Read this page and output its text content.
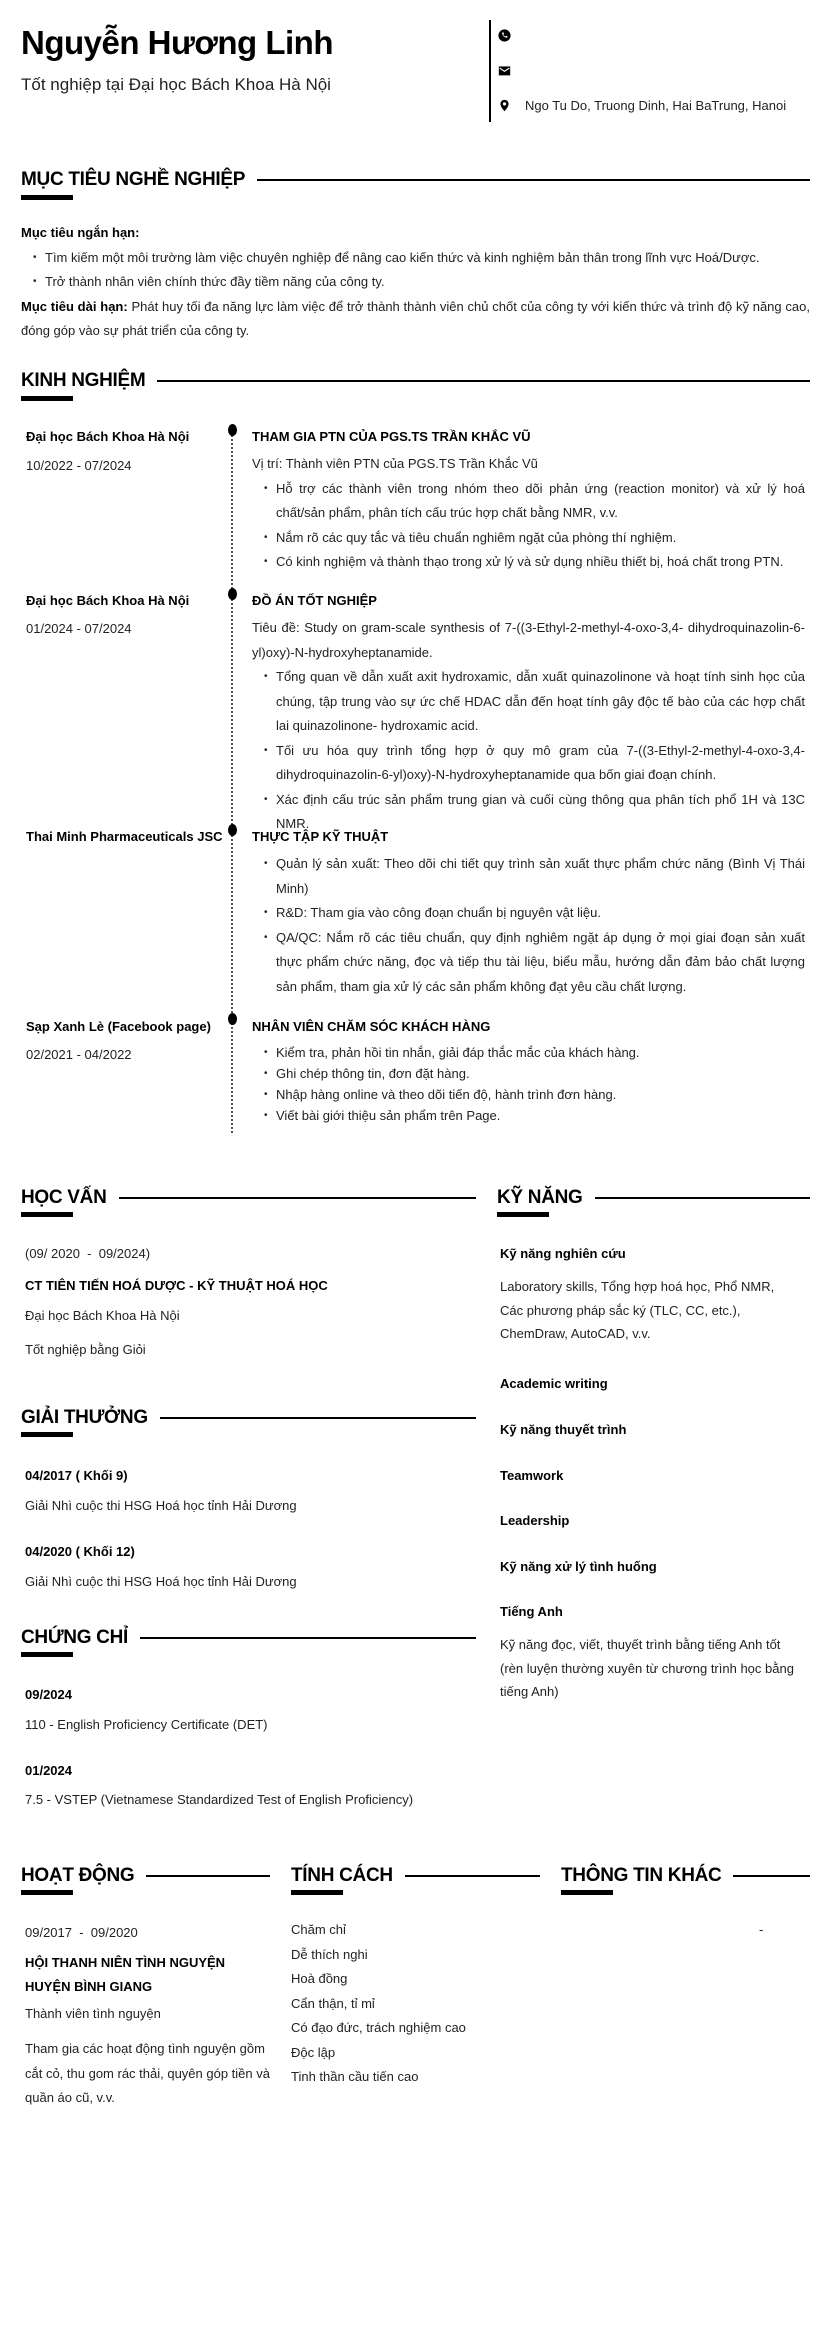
Nguyễn Hương Linh
Tốt nghiệp tại Đại học Bách Khoa Hà Nội
Ngo Tu Do, Truong Dinh, Hai BaTrung, Hanoi
MỤC TIÊU NGHỀ NGHIỆP
Mục tiêu ngắn hạn:
• Tìm kiếm một môi trường làm việc chuyên nghiệp để nâng cao kiến thức và kinh nghiệm bản thân trong lĩnh vực Hoá/Dược.
• Trở thành nhân viên chính thức đầy tiềm năng của công ty.
Mục tiêu dài hạn: Phát huy tối đa năng lực làm việc để trở thành thành viên chủ chốt của công ty với kiến thức và trình độ kỹ năng cao, đóng góp vào sự phát triển của công ty.
KINH NGHIỆM
Đại học Bách Khoa Hà Nội
10/2022 - 07/2024
THAM GIA PTN CỦA PGS.TS TRẦN KHẮC VŨ
Vị trí: Thành viên PTN của PGS.TS Trần Khắc Vũ
• Hỗ trợ các thành viên trong nhóm theo dõi phản ứng (reaction monitor) và xử lý hoá chất/sản phẩm, phân tích cấu trúc hợp chất bằng NMR, v.v.
• Nắm rõ các quy tắc và tiêu chuẩn nghiêm ngặt của phòng thí nghiệm.
• Có kinh nghiệm và thành thạo trong xử lý và sử dụng nhiều thiết bị, hoá chất trong PTN.
Đại học Bách Khoa Hà Nội
01/2024 - 07/2024
ĐỒ ÁN TỐT NGHIỆP
Tiêu đề: Study on gram-scale synthesis of 7-((3-Ethyl-2-methyl-4-oxo-3,4- dihydroquinazolin-6-yl)oxy)-N-hydroxyheptanamide.
• Tổng quan về dẫn xuất axit hydroxamic, dẫn xuất quinazolinone và hoạt tính sinh học của chúng, tập trung vào sự ức chế HDAC dẫn đến hoạt tính gây độc tế bào của các hợp chất lai quinazolinone- hydroxamic acid.
• Tối ưu hóa quy trình tổng hợp ở quy mô gram của 7-((3-Ethyl-2-methyl-4-oxo-3,4-dihydroquinazolin-6-yl)oxy)-N-hydroxyheptanamide qua bốn giai đoạn chính.
• Xác định cấu trúc sản phẩm trung gian và cuối cùng thông qua phân tích phổ 1H và 13C NMR.
Thai Minh Pharmaceuticals JSC THỰC TẬP KỸ THUẬT
• Quản lý sản xuất: Theo dõi chi tiết quy trình sản xuất thực phẩm chức năng (Bình Vị Thái Minh)
• R&D: Tham gia vào công đoạn chuẩn bị nguyên vật liệu.
• QA/QC: Nắm rõ các tiêu chuẩn, quy định nghiêm ngặt áp dụng ở mọi giai đoạn sản xuất thực phẩm chức năng, đọc và tiếp thu tài liệu, biểu mẫu, hướng dẫn đảm bảo chất lượng sản phẩm, tham gia xử lý các sản phẩm không đạt yêu cầu chất lượng.
Sạp Xanh Lè (Facebook page)
02/2021 - 04/2022
NHÂN VIÊN CHĂM SÓC KHÁCH HÀNG
• Kiểm tra, phản hồi tin nhắn, giải đáp thắc mắc của khách hàng.
• Ghi chép thông tin, đơn đặt hàng.
• Nhập hàng online và theo dõi tiến độ, hành trình đơn hàng.
• Viết bài giới thiệu sản phẩm trên Page.
HỌC VẤN
(09/ 2020  -  09/2024)
CT TIÊN TIẾN HOÁ DƯỢC - KỸ THUẬT HOÁ HỌC
Đại học Bách Khoa Hà Nội
Tốt nghiệp bằng Giỏi
GIẢI THƯỞNG
04/2017 ( Khối 9)
Giải Nhì cuộc thi HSG Hoá học tỉnh Hải Dương
04/2020 ( Khối 12)
Giải Nhì cuộc thi HSG Hoá học tỉnh Hải Dương
CHỨNG CHỈ
09/2024
110 - English Proficiency Certificate (DET)
01/2024
7.5 - VSTEP (Vietnamese Standardized Test of English Proficiency)
KỸ NĂNG
Kỹ năng nghiên cứu
Laboratory skills, Tổng hợp hoá học, Phổ NMR, Các phương pháp sắc ký (TLC, CC, etc.), ChemDraw, AutoCAD, v.v.
Academic writing
Kỹ năng thuyết trình
Teamwork
Leadership
Kỹ năng xử lý tình huống
Tiếng Anh
Kỹ năng đọc, viết, thuyết trình bằng tiếng Anh tốt (rèn luyện thường xuyên từ chương trình học bằng tiếng Anh)
HOẠT ĐỘNG
09/2017  -  09/2020
HỘI THANH NIÊN TÌNH NGUYỆN HUYỆN BÌNH GIANG
Thành viên tình nguyện
Tham gia các hoạt động tình nguyện gồm cắt cỏ, thu gom rác thải, quyên góp tiền và quần áo cũ, v.v.
TÍNH CÁCH
Chăm chỉ
Dễ thích nghi
Hoà đồng
Cẩn thận, tỉ mỉ
Có đạo đức, trách nghiệm cao
Độc lập
Tinh thần cầu tiến cao
THÔNG TIN KHÁC
-
